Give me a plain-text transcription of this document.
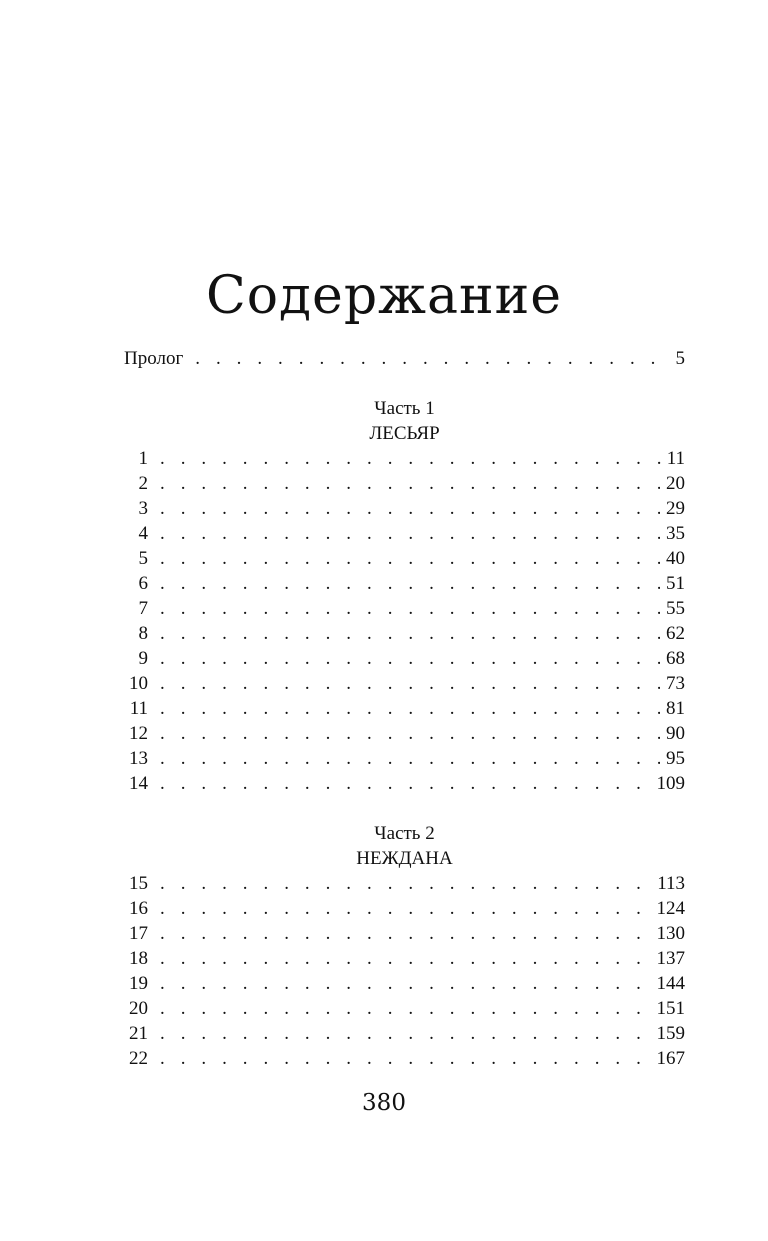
Содержание
Пролог . . .	5
Часть 1
ЛЕСЬЯР
1 . . .	11
2 . . .	20
3 . . .	29
4 . . .	35
5 . . .	40
6 . . .	51
7 . . .	55
8 . . .	62
9 . . .	68
10 . . .	73
11 . . .	81
12 . . .	90
13 . . .	95
14 . . .	109
Часть 2
НЕЖДАНА
15 . . .	113
16 . . .	124
17 . . .	130
18 . . .	137
19 . . .	144
20 . . .	151
21 . . .	159
22 . . .	167
380
